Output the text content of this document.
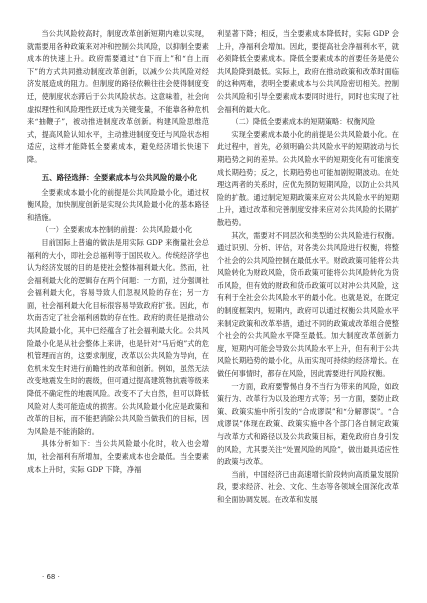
当公共风险较高时，制度改革创新短期内难以实现，就需要用各种政策来对冲和控制公共风险，以抑制全要素成本的快速上升。政府需要通过“自下而上”和“自上而下”的方式共同推动制度改革创新，以减少公共风险对经济发展造成的阻力。但制度的路径依赖往往会使得制度变迁，使制度状态滞后于公共风险状态。这意味着，社会向虚拟理性和风险理性跃迁成为关键变量，不能靠各种危机来“抽鞭子”，被动推进制度改革创新。构建风险思维范式，提高风险认知水平，主动推进制度变迁与风险状态相适应，这样才能降低全要素成本，避免经济增长快速下降。

五、路径选择：全要素成本与公共风险的最小化

全要素成本最小化的前提是公共风险最小化，通过权衡风险，加快制度创新是实现公共风险最小化的基本路径和措施。

（一）全要素成本控制的前提：公共风险最小化

目前国际上普遍的做法是用实际 GDP 来衡量社会总福利的大小，即社会总福利等于国民收入。传统经济学也认为经济发展的目的是使社会整体福利最大化。然而，社会福利最大化的逻辑存在两个问题：一方面，过分强调社会福利最大化，容易导致人们忽视风险的存在；另一方面，社会福利最大化目标很容易导致政府扩张。因此，布坎南否定了社会福利函数的存在性。政府的责任是推动公共风险最小化，其中已经蕴含了社会福利最大化。公共风险最小化是从社会整体上来讲，也是针对“马后炮”式的危机管理而言的，这要求制度，改革以公共风险为导向，在危机未发生时进行前瞻性的改革和创新。例如，虽然无法改变地震发生时的震级，但可通过提高建筑物抗震等级来降低不确定性的地震风险。改变不了大自然，但可以降低风险对人类可能造成的损害。公共风险最小化应是政策和改革的目标，而不能把消除公共风险当做我们的目标，因为风险是不能消除的。

具体分析如下：当公共风险最小化时，收入也会增加，社会福利有所增加，全要素成本也会最低。当全要素成本上升时，实际 GDP 下降，净福

利显著下降；相反，当全要素成本降低时，实际 GDP 会上升，净福利会增加。因此，要提高社会净福利水平，就必须降低全要素成本。降低全要素成本的首要任务是使公共风险降到最低。实际上，政府在推动政策和改革时面临的这种两难，表明全要素成本与公共风险密切相关。控制公共风险和引导全要素成本要同时进行，同时也实现了社会福利的最大化。

（二）降低全要素成本的短期策略：权衡风险

实现全要素成本最小化的前提是公共风险最小化。在此过程中，首先，必须明确公共风险水平的短期波动与长期趋势之间的差异。公共风险水平的短期变化有可能演变成长期趋势；反之，长期趋势也可能加剧短期波动。在处理这两者的关系时，应优先预防短期风险，以防止公共风险的扩散。通过制定短期政策来应对公共风险水平的短期上升，通过改革和完善制度安排来应对公共风险的长期扩散趋势。

其次，需要对不同层次和类型的公共风险进行权衡。通过识别、分析、评估，对各类公共风险进行权衡，将整个社会的公共风险控制在最低水平。财政政策可能将公共风险转化为财政风险，货币政策可能将公共风险转化为货币风险，但有效的财政和货币政策可以对冲公共风险，这有利于全社会公共风险水平的最小化。也就是说，在既定的制度框架内，短期内，政府可以通过权衡公共风险水平来制定政策和改革举措，通过不同的政策或改革组合使整个社会的公共风险水平降至最低。加大制度改革创新力度，短期内可能会导致公共风险水平上升，但有利于公共风险长期趋势的最小化，从而实现可持续的经济增长。在做任何事情时，都存在风险，因此需要进行风险权衡。

一方面，政府要警惕自身不当行为带来的风险，如政策行为、改革行为以及治理方式等；另一方面，要防止政策、政策实施中所引发的“合成谬误”和“分解谬误”。“合成谬误”体现在政策、政策实施中各个部门各自制定政策与改革方式和路径以及公共政策目标，避免政府自身引发的风险，尤其要关注“处置风险的风险”，做出最具适应性的政策与改革。

当前，中国经济已由高速增长阶段转向高质量发展阶段，要求经济、社会、文化、生态等各领域全面深化改革和全面协调发展。在改革和发展

· 68 ·
